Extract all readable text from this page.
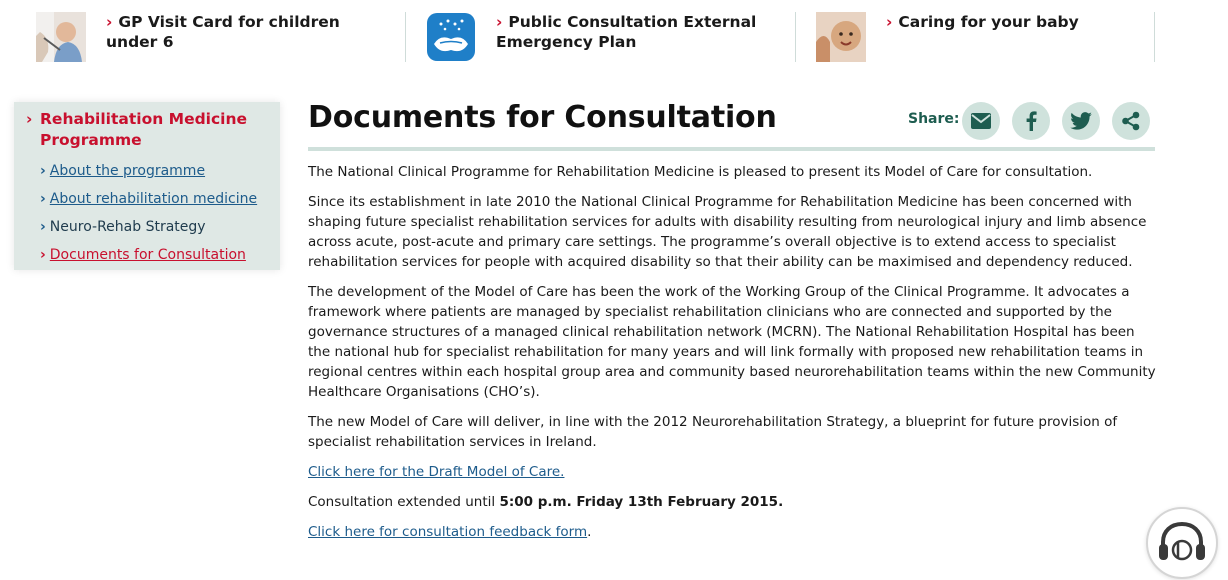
› GP Visit Card for children under 6
› Public Consultation External Emergency Plan
› Caring for your baby
› Rehabilitation Medicine Programme
› About the programme
› About rehabilitation medicine
› Neuro-Rehab Strategy
› Documents for Consultation
Documents for Consultation	Share:

The National Clinical Programme for Rehabilitation Medicine is pleased to present its Model of Care for consultation.

Since its establishment in late 2010 the National Clinical Programme for Rehabilitation Medicine has been concerned with shaping future specialist rehabilitation services for adults with disability resulting from neurological injury and limb absence across acute, post-acute and primary care settings. The programme’s overall objective is to extend access to specialist rehabilitation services for people with acquired disability so that their ability can be maximised and dependency reduced.

The development of the Model of Care has been the work of the Working Group of the Clinical Programme. It advocates a framework where patients are managed by specialist rehabilitation clinicians who are connected and supported by the governance structures of a managed clinical rehabilitation network (MCRN). The National Rehabilitation Hospital has been the national hub for specialist rehabilitation for many years and will link formally with proposed new rehabilitation teams in regional centres within each hospital group area and community based neurorehabilitation teams within the new Community Healthcare Organisations (CHO’s).

The new Model of Care will deliver, in line with the 2012 Neurorehabilitation Strategy, a blueprint for future provision of specialist rehabilitation services in Ireland.

Click here for the Draft Model of Care.

Consultation extended until 5:00 p.m. Friday 13th February 2015.

Click here for consultation feedback form.
